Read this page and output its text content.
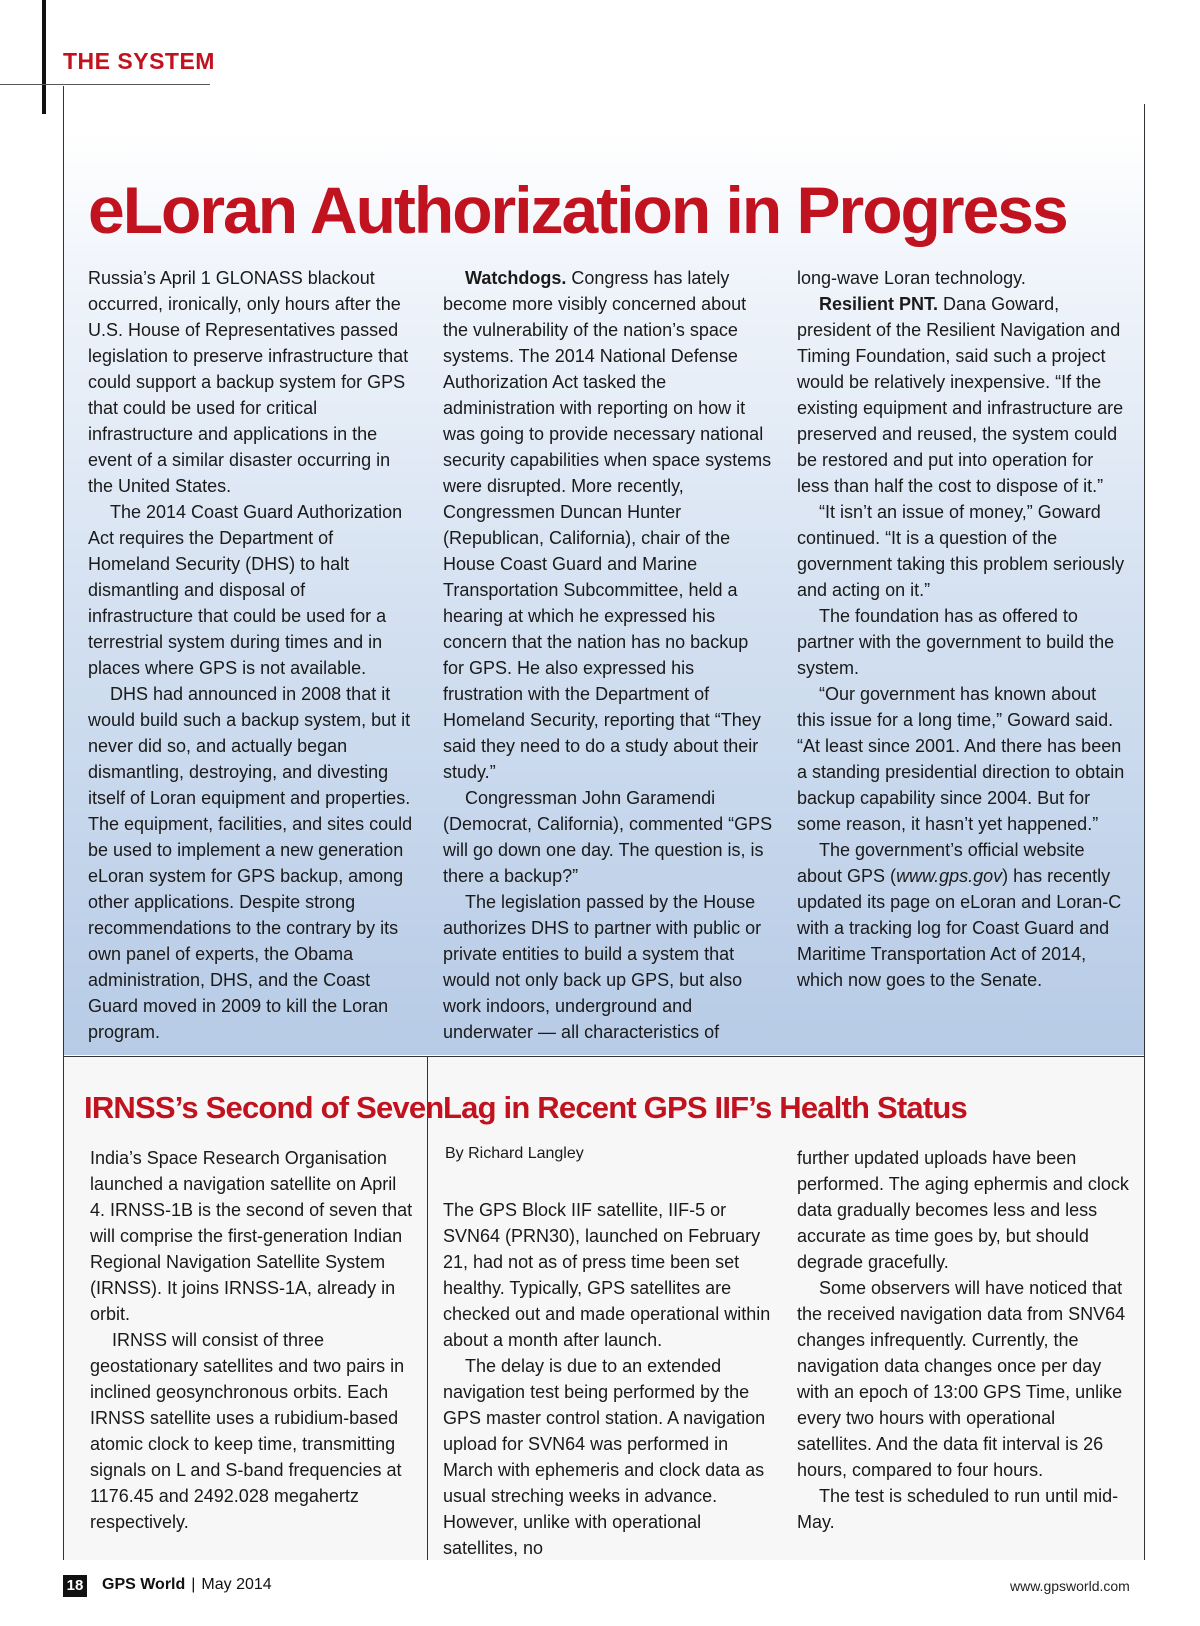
THE SYSTEM
eLoran Authorization in Progress

Russia’s April 1 GLONASS blackout occurred, ironically, only hours after the U.S. House of Representatives passed legislation to preserve infrastructure that could support a backup system for GPS that could be used for critical infrastructure and applications in the event of a similar disaster occurring in the United States.

The 2014 Coast Guard Authorization Act requires the Department of Homeland Security (DHS) to halt dismantling and disposal of infrastructure that could be used for a terrestrial system during times and in places where GPS is not available.

DHS had announced in 2008 that it would build such a backup system, but it never did so, and actually began dismantling, destroying, and divesting itself of Loran equipment and properties. The equipment, facilities, and sites could be used to implement a new generation eLoran system for GPS backup, among other applications. Despite strong recommendations to the contrary by its own panel of experts, the Obama administration, DHS, and the Coast Guard moved in 2009 to kill the Loran program.

Watchdogs. Congress has lately become more visibly concerned about the vulnerability of the nation’s space systems. The 2014 National Defense Authorization Act tasked the administration with reporting on how it was going to provide necessary national security capabilities when space systems were disrupted. More recently, Congressmen Duncan Hunter (Republican, California), chair of the House Coast Guard and Marine Transportation Subcommittee, held a hearing at which he expressed his concern that the nation has no backup for GPS. He also expressed his frustration with the Department of Homeland Security, reporting that “They said they need to do a study about their study.”

Congressman John Garamendi (Democrat, California), commented “GPS will go down one day. The question is, is there a backup?”

The legislation passed by the House authorizes DHS to partner with public or private entities to build a system that would not only back up GPS, but also work indoors, underground and underwater — all characteristics of

long-wave Loran technology.

Resilient PNT. Dana Goward, president of the Resilient Navigation and Timing Foundation, said such a project would be relatively inexpensive. “If the existing equipment and infrastructure are preserved and reused, the system could be restored and put into operation for less than half the cost to dispose of it.”

“It isn’t an issue of money,” Goward continued. “It is a question of the government taking this problem seriously and acting on it.”

The foundation has as offered to partner with the government to build the system.

“Our government has known about this issue for a long time,” Goward said. “At least since 2001. And there has been a standing presidential direction to obtain backup capability since 2004. But for some reason, it hasn’t yet happened.”

The government’s official website about GPS (www.gps.gov) has recently updated its page on eLoran and Loran-C with a tracking log for Coast Guard and Maritime Transportation Act of 2014, which now goes to the Senate.

IRNSS’s Second of Seven

India’s Space Research Organisation launched a navigation satellite on April 4. IRNSS-1B is the second of seven that will comprise the first-generation Indian Regional Navigation Satellite System (IRNSS). It joins IRNSS-1A, already in orbit.

IRNSS will consist of three geostationary satellites and two pairs in inclined geosynchronous orbits. Each IRNSS satellite uses a rubidium-based atomic clock to keep time, transmitting signals on L and S-band frequencies at 1176.45 and 2492.028 megahertz respectively.

Lag in Recent GPS IIF’s Health Status
By Richard Langley

The GPS Block IIF satellite, IIF-5 or SVN64 (PRN30), launched on February 21, had not as of press time been set healthy. Typically, GPS satellites are checked out and made operational within about a month after launch.

The delay is due to an extended navigation test being performed by the GPS master control station. A navigation upload for SVN64 was performed in March with ephemeris and clock data as usual streching weeks in advance. However, unlike with operational satellites, no

further updated uploads have been performed. The aging ephermis and clock data gradually becomes less and less accurate as time goes by, but should degrade gracefully.

Some observers will have noticed that the received navigation data from SNV64 changes infrequently. Currently, the navigation data changes once per day with an epoch of 13:00 GPS Time, unlike every two hours with operational satellites. And the data fit interval is 26 hours, compared to four hours.

The test is scheduled to run until mid-May.

18 GPS World | May 2014	www.gpsworld.com
